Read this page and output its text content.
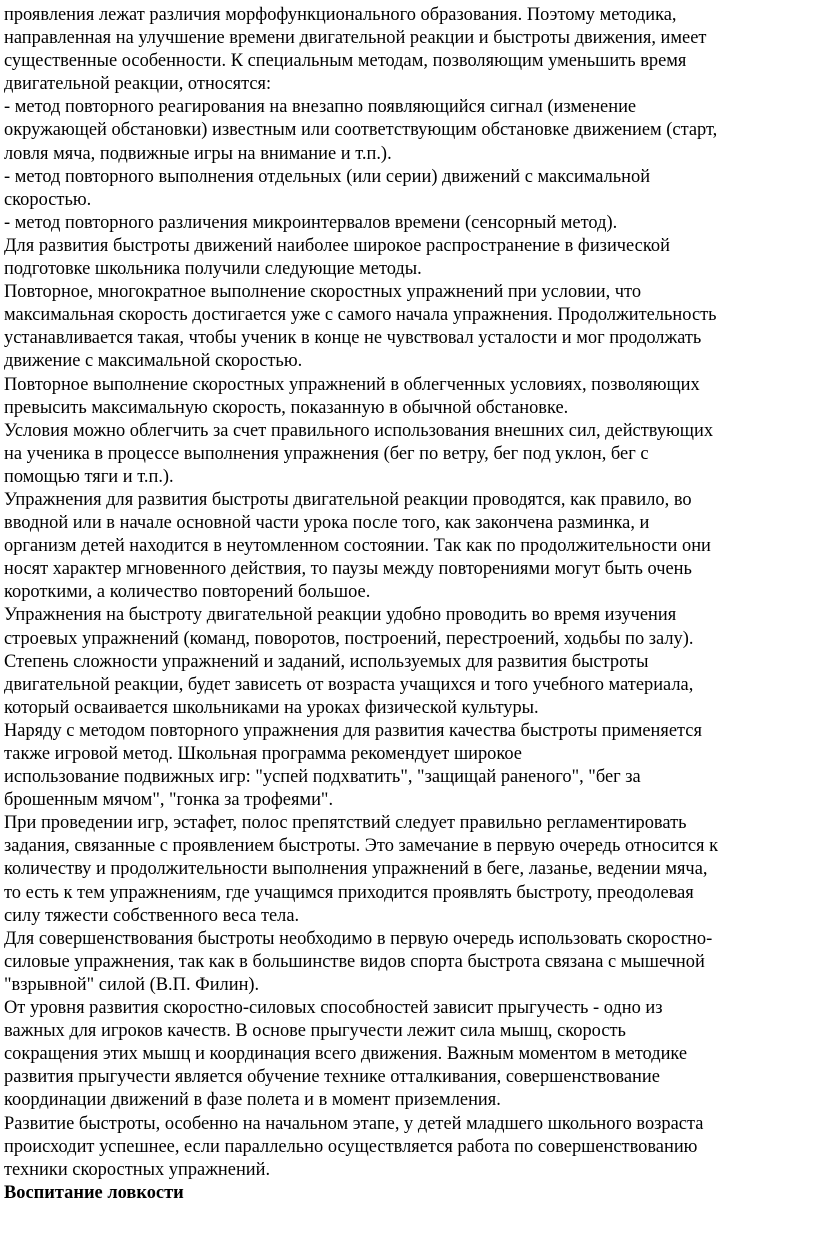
проявления лежат различия морфофункционального образования. Поэтому методика,
направленная на улучшение времени двигательной реакции и быстроты движения, имеет
существенные особенности. К специальным методам, позволяющим уменьшить время
двигательной реакции, относятся:
- метод повторного реагирования на внезапно появляющийся сигнал (изменение
окружающей обстановки) известным или соответствующим обстановке движением (старт,
ловля мяча, подвижные игры на внимание и т.п.).
- метод повторного выполнения отдельных (или серии) движений с максимальной
скоростью.
- метод повторного различения микроинтервалов времени (сенсорный метод).
Для развития быстроты движений наиболее широкое распространение в физической
подготовке школьника получили следующие методы.
Повторное, многократное выполнение скоростных упражнений при условии, что
максимальная скорость достигается уже с самого начала упражнения. Продолжительность
устанавливается такая, чтобы ученик в конце не чувствовал усталости и мог продолжать
движение с максимальной скоростью.
Повторное выполнение скоростных упражнений в облегченных условиях, позволяющих
превысить максимальную скорость, показанную в обычной обстановке.
Условия можно облегчить за счет правильного использования внешних сил, действующих
на ученика в процессе выполнения упражнения (бег по ветру, бег под уклон, бег с
помощью тяги и т.п.).
Упражнения для развития быстроты двигательной реакции проводятся, как правило, во
вводной или в начале основной части урока после того, как закончена разминка, и
организм детей находится в неутомленном состоянии. Так как по продолжительности они
носят характер мгновенного действия, то паузы между повторениями могут быть очень
короткими, а количество повторений большое.
Упражнения на быстроту двигательной реакции удобно проводить во время изучения
строевых упражнений (команд, поворотов, построений, перестроений, ходьбы по залу).
Степень сложности упражнений и заданий, используемых для развития быстроты
двигательной реакции, будет зависеть от возраста учащихся и того учебного материала,
который осваивается школьниками на уроках физической культуры.
Наряду с методом повторного упражнения для развития качества быстроты применяется
также игровой метод. Школьная программа рекомендует широкое
использование подвижных игр: "успей подхватить", "защищай раненого", "бег за
брошенным мячом", "гонка за трофеями".
При проведении игр, эстафет, полос препятствий следует правильно регламентировать
задания, связанные с проявлением быстроты. Это замечание в первую очередь относится к
количеству и продолжительности выполнения упражнений в беге, лазанье, ведении мяча,
то есть к тем упражнениям, где учащимся приходится проявлять быстроту, преодолевая
силу тяжести собственного веса тела.
Для совершенствования быстроты необходимо в первую очередь использовать скоростно-
силовые упражнения, так как в большинстве видов спорта быстрота связана с мышечной
"взрывной" силой (В.П. Филин).
От уровня развития скоростно-силовых способностей зависит прыгучесть - одно из
важных для игроков качеств. В основе прыгучести лежит сила мышц, скорость
сокращения этих мышц и координация всего движения. Важным моментом в методике
развития прыгучести является обучение технике отталкивания, совершенствование
координации движений в фазе полета и в момент приземления.
Развитие быстроты, особенно на начальном этапе, у детей младшего школьного возраста
происходит успешнее, если параллельно осуществляется работа по совершенствованию
техники скоростных упражнений.
Воспитание ловкости
